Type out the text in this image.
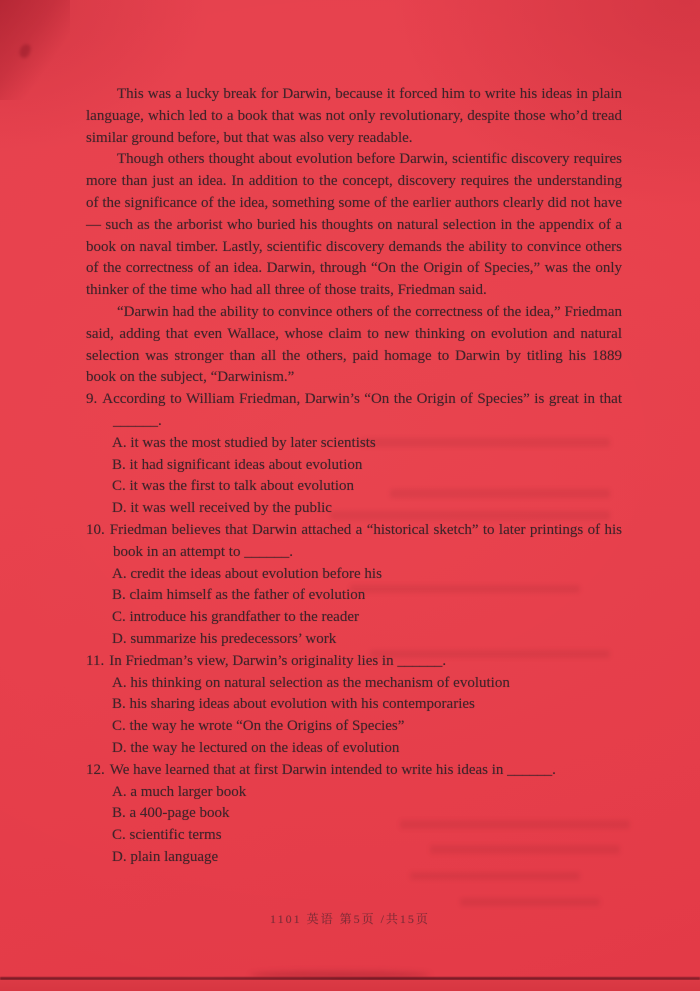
This was a lucky break for Darwin, because it forced him to write his ideas in plain language, which led to a book that was not only revolutionary, despite those who’d tread similar ground before, but that was also very readable.

Though others thought about evolution before Darwin, scientific discovery requires more than just an idea. In addition to the concept, discovery requires the understanding of the significance of the idea, something some of the earlier authors clearly did not have — such as the arborist who buried his thoughts on natural selection in the appendix of a book on naval timber. Lastly, scientific discovery demands the ability to convince others of the correctness of an idea. Darwin, through “On the Origin of Species,” was the only thinker of the time who had all three of those traits, Friedman said.

“Darwin had the ability to convince others of the correctness of the idea,” Friedman said, adding that even Wallace, whose claim to new thinking on evolution and natural selection was stronger than all the others, paid homage to Darwin by titling his 1889 book on the subject, “Darwinism.”

9. According to William Friedman, Darwin’s “On the Origin of Species” is great in that ______.
A. it was the most studied by later scientists
B. it had significant ideas about evolution
C. it was the first to talk about evolution
D. it was well received by the public
10. Friedman believes that Darwin attached a “historical sketch” to later printings of his book in an attempt to ______.
A. credit the ideas about evolution before his
B. claim himself as the father of evolution
C. introduce his grandfather to the reader
D. summarize his predecessors’ work
11. In Friedman’s view, Darwin’s originality lies in ______.
A. his thinking on natural selection as the mechanism of evolution
B. his sharing ideas about evolution with his contemporaries
C. the way he wrote “On the Origins of Species”
D. the way he lectured on the ideas of evolution
12. We have learned that at first Darwin intended to write his ideas in ______.
A. a much larger book
B. a 400-page book
C. scientific terms
D. plain language
1101 英语 第5页 /共15页
